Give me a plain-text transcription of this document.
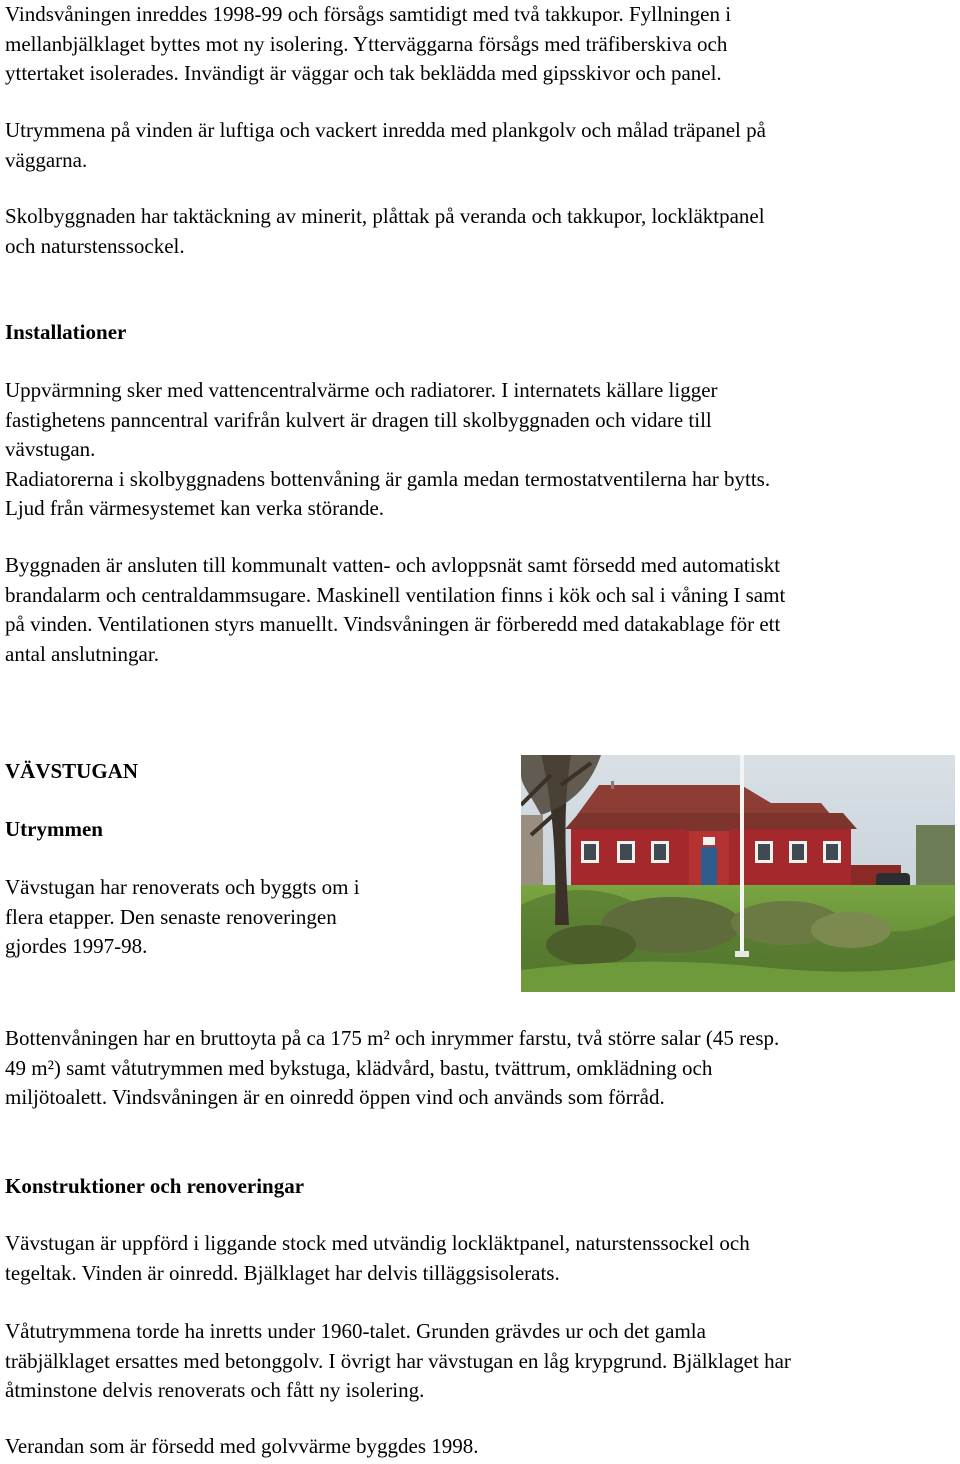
Vindsvåningen inreddes 1998-99 och försågs samtidigt med två takkupor. Fyllningen i
mellanbjälklaget byttes mot ny isolering. Ytterväggarna försågs med träfiberskiva och
yttertaket isolerades. Invändigt är väggar och tak beklädda med gipsskivor och panel.

Utrymmena på vinden är luftiga och vackert inredda med plankgolv och målad träpanel på
väggarna.

Skolbyggnaden har taktäckning av minerit, plåttak på veranda och takkupor, lockläktpanel
och naturstenssockel.

Installationer

Uppvärmning sker med vattencentralvärme och radiatorer. I internatets källare ligger
fastighetens panncentral varifrån kulvert är dragen till skolbyggnaden och vidare till
vävstugan.
Radiatorerna i skolbyggnadens bottenvåning är gamla medan termostatventilerna har bytts.
Ljud från värmesystemet kan verka störande.

Byggnaden är ansluten till kommunalt vatten- och avloppsnät samt försedd med automatiskt
brandalarm och centraldammsugare. Maskinell ventilation finns i kök och sal i våning I samt
på vinden. Ventilationen styrs manuellt. Vindsvåningen är förberedd med datakablage för ett
antal anslutningar.

VÄVSTUGAN
Utrymmen

Vävstugan har renoverats och byggts om i
flera etapper. Den senaste renoveringen
gjordes 1997-98.

Bottenvåningen har en bruttoyta på ca 175 m² och inrymmer farstu, två större salar (45 resp.
49 m²) samt våtutrymmen med bykstuga, klädvård, bastu, tvättrum, omklädning och
miljötoalett. Vindsvåningen är en oinredd öppen vind och används som förråd.

Konstruktioner och renoveringar

Vävstugan är uppförd i liggande stock med utvändig lockläktpanel, naturstenssockel och
tegeltak. Vinden är oinredd. Bjälklaget har delvis tilläggsisolerats.

Våtutrymmena torde ha inretts under 1960-talet. Grunden grävdes ur och det gamla
träbjälklaget ersattes med betonggolv. I övrigt har vävstugan en låg krypgrund. Bjälklaget har
åtminstone delvis renoverats och fått ny isolering.

Verandan som är försedd med golvvärme byggdes 1998.
